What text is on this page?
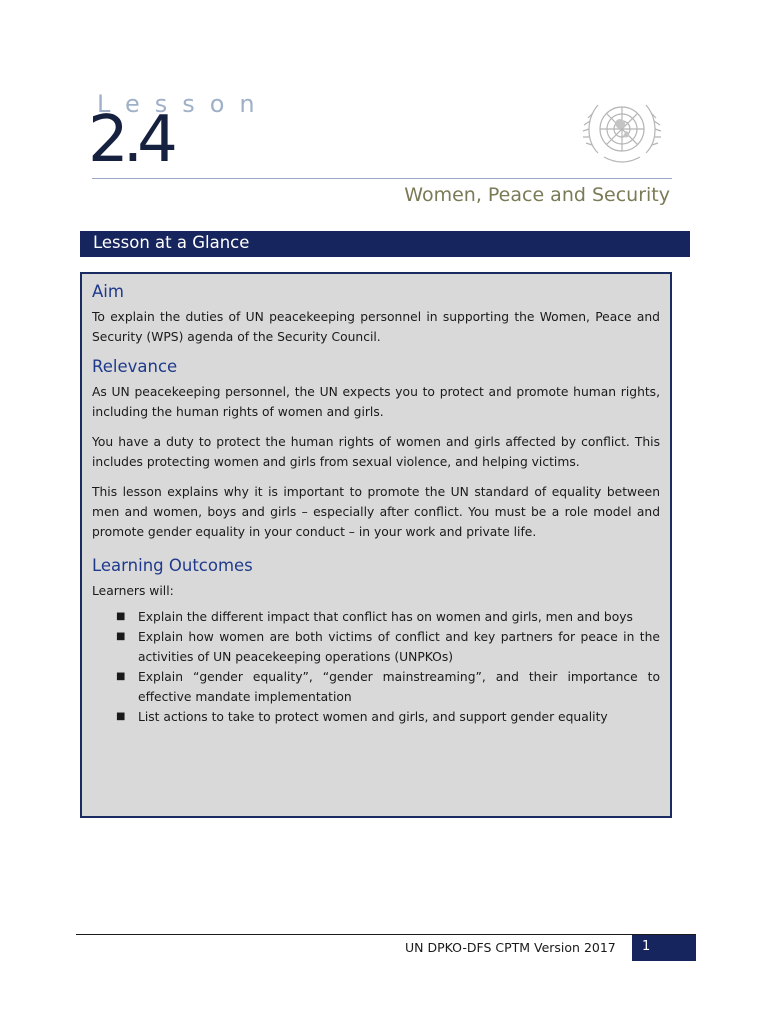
Lesson
2.4
Women, Peace and Security
Lesson at a Glance
Aim

To explain the duties of UN peacekeeping personnel in supporting the Women, Peace and Security (WPS) agenda of the Security Council.

Relevance

As UN peacekeeping personnel, the UN expects you to protect and promote human rights, including the human rights of women and girls.

You have a duty to protect the human rights of women and girls affected by conflict. This includes protecting women and girls from sexual violence, and helping victims.

This lesson explains why it is important to promote the UN standard of equality between men and women, boys and girls – especially after conflict. You must be a role model and promote gender equality in your conduct – in your work and private life.

Learning Outcomes

Learners will:

■ Explain the different impact that conflict has on women and girls, men and boys
■ Explain how women are both victims of conflict and key partners for peace in the activities of UN peacekeeping operations (UNPKOs)
■ Explain “gender equality”, “gender mainstreaming”, and their importance to effective mandate implementation
■ List actions to take to protect women and girls, and support gender equality
UN DPKO-DFS CPTM Version 2017	1
